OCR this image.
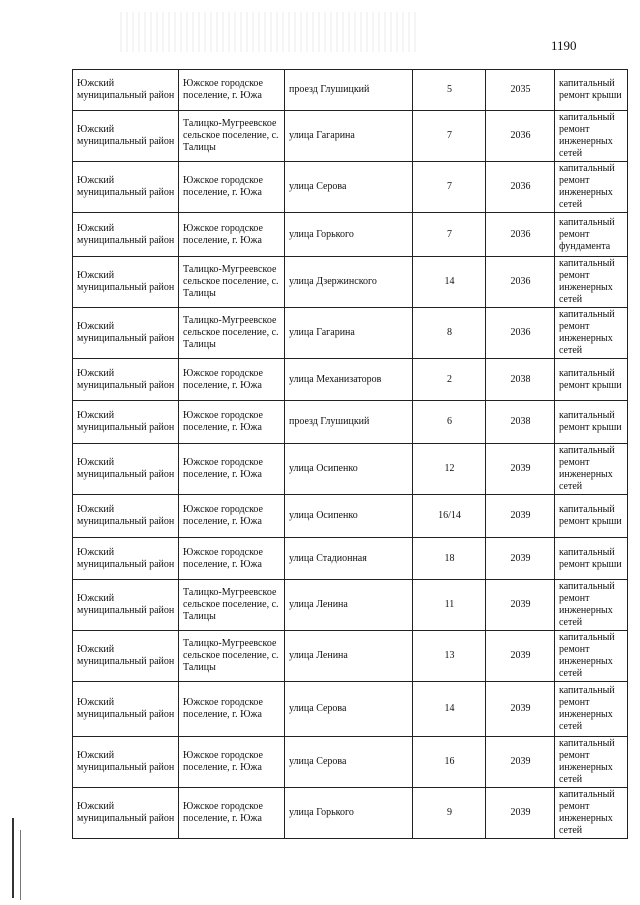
1190
Южский муниципальный район	Южское городское поселение, г. Южа	проезд Глушицкий	5	2035	капитальный ремонт крыши
Южский муниципальный район	Талицко-Мугреевское сельское поселение, с. Талицы	улица Гагарина	7	2036	капитальный ремонт инженерных сетей
Южский муниципальный район	Южское городское поселение, г. Южа	улица Серова	7	2036	капитальный ремонт инженерных сетей
Южский муниципальный район	Южское городское поселение, г. Южа	улица Горького	7	2036	капитальный ремонт фундамента
Южский муниципальный район	Талицко-Мугреевское сельское поселение, с. Талицы	улица Дзержинского	14	2036	капитальный ремонт инженерных сетей
Южский муниципальный район	Талицко-Мугреевское сельское поселение, с. Талицы	улица Гагарина	8	2036	капитальный ремонт инженерных сетей
Южский муниципальный район	Южское городское поселение, г. Южа	улица Механизаторов	2	2038	капитальный ремонт крыши
Южский муниципальный район	Южское городское поселение, г. Южа	проезд Глушицкий	6	2038	капитальный ремонт крыши
Южский муниципальный район	Южское городское поселение, г. Южа	улица Осипенко	12	2039	капитальный ремонт инженерных сетей
Южский муниципальный район	Южское городское поселение, г. Южа	улица Осипенко	16/14	2039	капитальный ремонт крыши
Южский муниципальный район	Южское городское поселение, г. Южа	улица Стадионная	18	2039	капитальный ремонт крыши
Южский муниципальный район	Талицко-Мугреевское сельское поселение, с. Талицы	улица Ленина	11	2039	капитальный ремонт инженерных сетей
Южский муниципальный район	Талицко-Мугреевское сельское поселение, с. Талицы	улица Ленина	13	2039	капитальный ремонт инженерных сетей
Южский муниципальный район	Южское городское поселение, г. Южа	улица Серова	14	2039	капитальный ремонт инженерных сетей
Южский муниципальный район	Южское городское поселение, г. Южа	улица Серова	16	2039	капитальный ремонт инженерных сетей
Южский муниципальный район	Южское городское поселение, г. Южа	улица Горького	9	2039	капитальный ремонт инженерных сетей
